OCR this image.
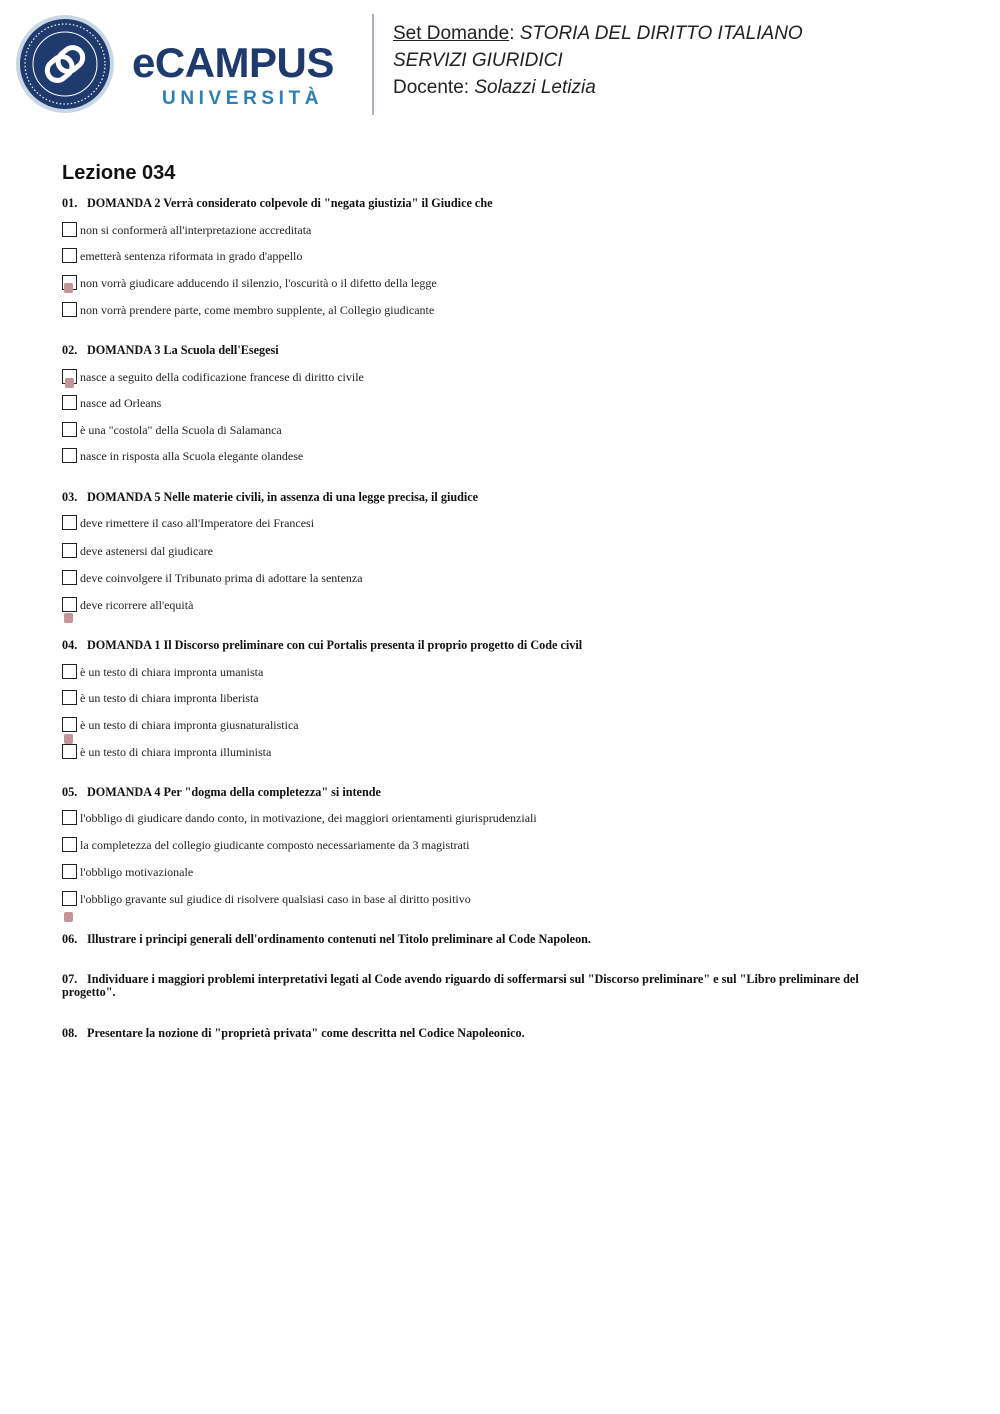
eCAMPUS
UNIVERSITÀ
Set Domande: STORIA DEL DIRITTO ITALIANO
SERVIZI GIURIDICI
Docente: Solazzi Letizia
Lezione 034
01. DOMANDA 2 Verrà considerato colpevole di "negata giustizia" il Giudice che
non si conformerà all'interpretazione accreditata
emetterà sentenza riformata in grado d'appello
non vorrà giudicare adducendo il silenzio, l'oscurità o il difetto della legge
non vorrà prendere parte, come membro supplente, al Collegio giudicante
02. DOMANDA 3 La Scuola dell'Esegesi
nasce a seguito della codificazione francese di diritto civile
nasce ad Orleans
è una "costola" della Scuola di Salamanca
nasce in risposta alla Scuola elegante olandese
03. DOMANDA 5 Nelle materie civili, in assenza di una legge precisa, il giudice
deve rimettere il caso all'Imperatore dei Francesi
deve astenersi dal giudicare
deve coinvolgere il Tribunato prima di adottare la sentenza
deve ricorrere all'equità
04. DOMANDA 1 Il Discorso preliminare con cui Portalis presenta il proprio progetto di Code civil
è un testo di chiara impronta umanista
è un testo di chiara impronta liberista
è un testo di chiara impronta giusnaturalistica
è un testo di chiara impronta illuminista
05. DOMANDA 4 Per "dogma della completezza" si intende
l'obbligo di giudicare dando conto, in motivazione, dei maggiori orientamenti giurisprudenziali
la completezza del collegio giudicante composto necessariamente da 3 magistrati
l'obbligo motivazionale
l'obbligo gravante sul giudice di risolvere qualsiasi caso in base al diritto positivo
06. Illustrare i principi generali dell'ordinamento contenuti nel Titolo preliminare al Code Napoleon.
07. Individuare i maggiori problemi interpretativi legati al Code avendo riguardo di soffermarsi sul "Discorso preliminare" e sul "Libro preliminare del progetto".
08. Presentare la nozione di "proprietà privata" come descritta nel Codice Napoleonico.
